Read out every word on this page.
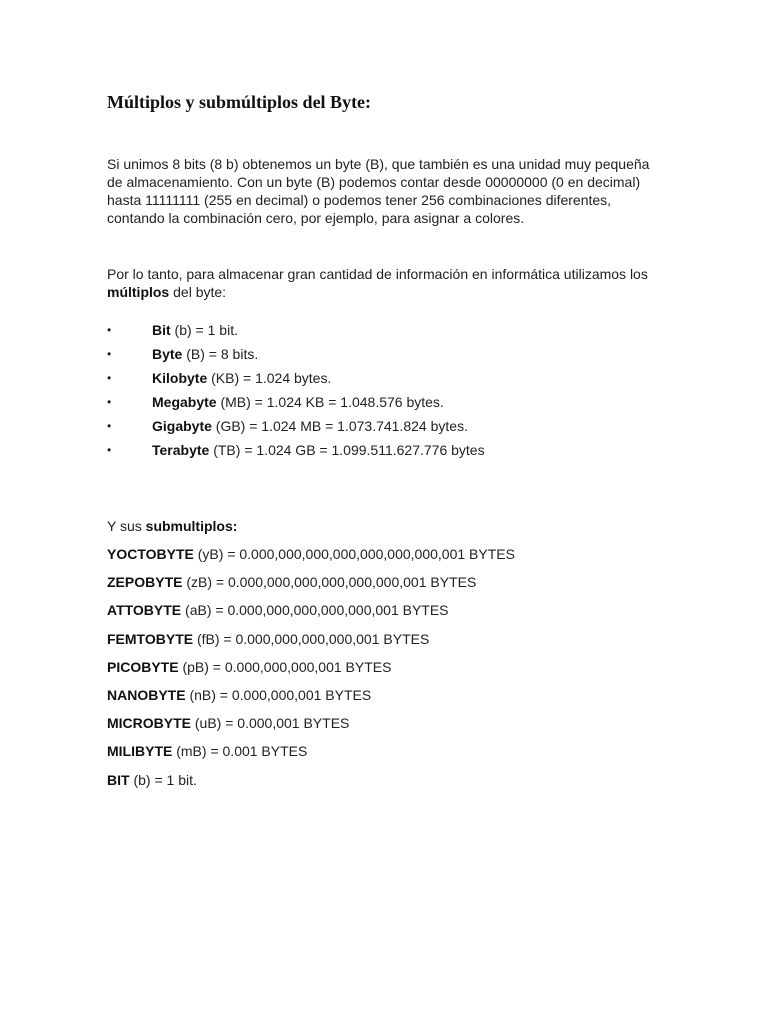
Múltiplos y submúltiplos del Byte:

Si unimos 8 bits (8 b) obtenemos un byte (B), que también es una unidad muy pequeña de almacenamiento. Con un byte (B) podemos contar desde 00000000 (0 en decimal) hasta 11111111 (255 en decimal) o podemos tener 256 combinaciones diferentes, contando la combinación cero, por ejemplo, para asignar a colores.

Por lo tanto, para almacenar gran cantidad de información en informática utilizamos los múltiplos del byte:

•	Bit (b) = 1 bit.
•	Byte (B) = 8 bits.
•	Kilobyte (KB) = 1.024 bytes.
•	Megabyte (MB) = 1.024 KB = 1.048.576 bytes.
•	Gigabyte (GB) = 1.024 MB = 1.073.741.824 bytes.
•	Terabyte (TB) = 1.024 GB = 1.099.511.627.776 bytes

Y sus submultiplos:

YOCTOBYTE (yB) = 0.000,000,000,000,000,000,000,001 BYTES
ZEPOBYTE (zB) = 0.000,000,000,000,000,000,001 BYTES
ATTOBYTE (aB) = 0.000,000,000,000,000,001 BYTES
FEMTOBYTE (fB) = 0.000,000,000,000,001 BYTES
PICOBYTE (pB) = 0.000,000,000,001 BYTES
NANOBYTE (nB) = 0.000,000,001 BYTES
MICROBYTE (uB) = 0.000,001 BYTES
MILIBYTE (mB) = 0.001 BYTES
BIT (b) = 1 bit.
